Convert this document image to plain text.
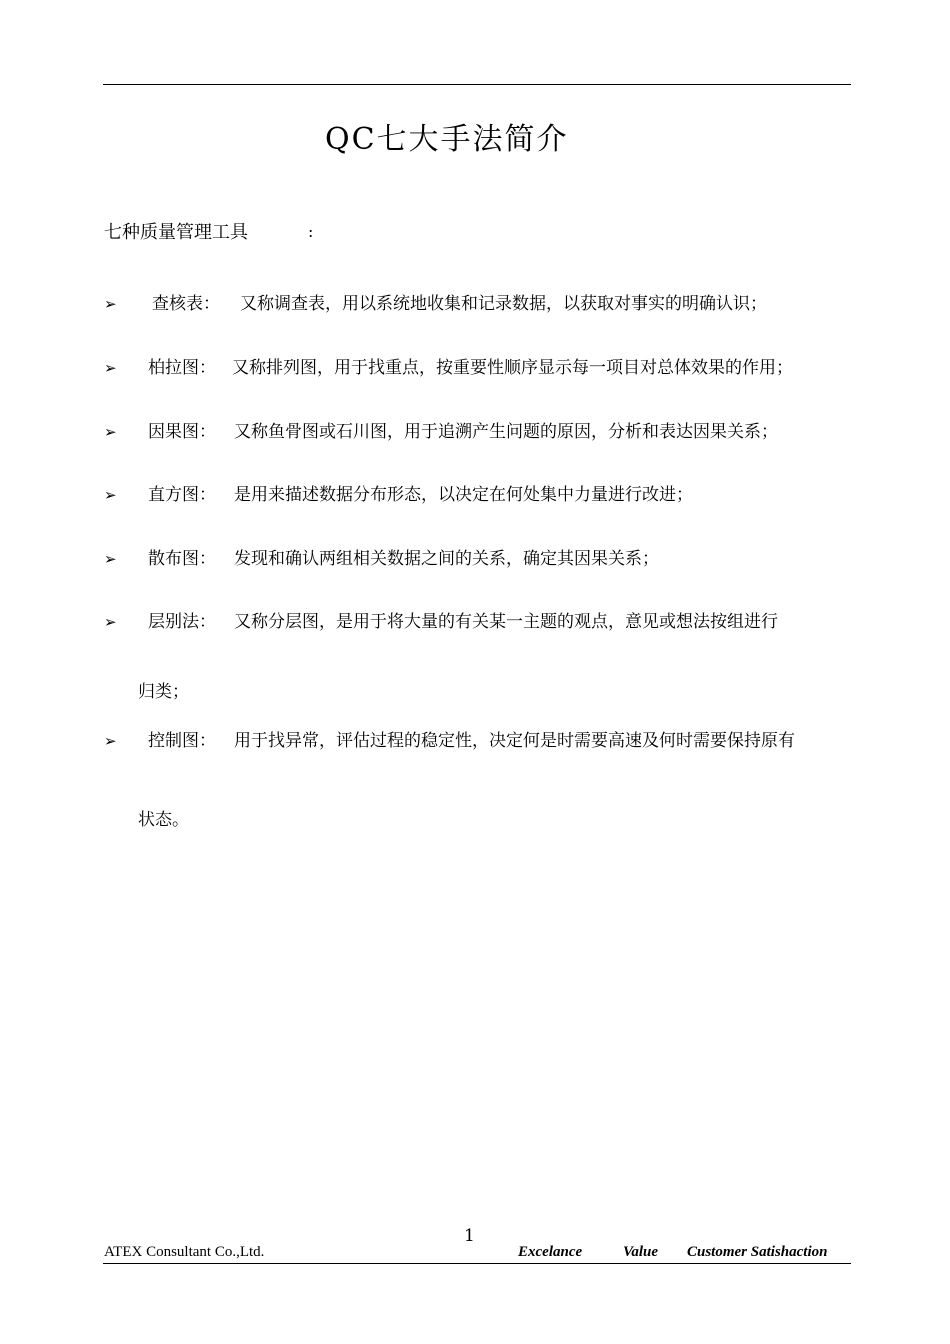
QC七大手法简介
七种质量管理工具	:
➢ 查核表： 又称调查表，用以系统地收集和记录数据，以获取对事实的明确认识；
➢ 柏拉图： 又称排列图，用于找重点，按重要性顺序显示每一项目对总体效果的作用；
➢ 因果图： 又称鱼骨图或石川图，用于追溯产生问题的原因，分析和表达因果关系；
➢ 直方图： 是用来描述数据分布形态，以决定在何处集中力量进行改进；
➢ 散布图： 发现和确认两组相关数据之间的关系，确定其因果关系；
➢ 层别法： 又称分层图，是用于将大量的有关某一主题的观点，意见或想法按组进行
归类；
➢ 控制图： 用于找异常，评估过程的稳定性，决定何是时需要高速及何时需要保持原有
状态。
1
ATEX Consultant Co.,Ltd.	Excelance	Value Customer Satishaction
